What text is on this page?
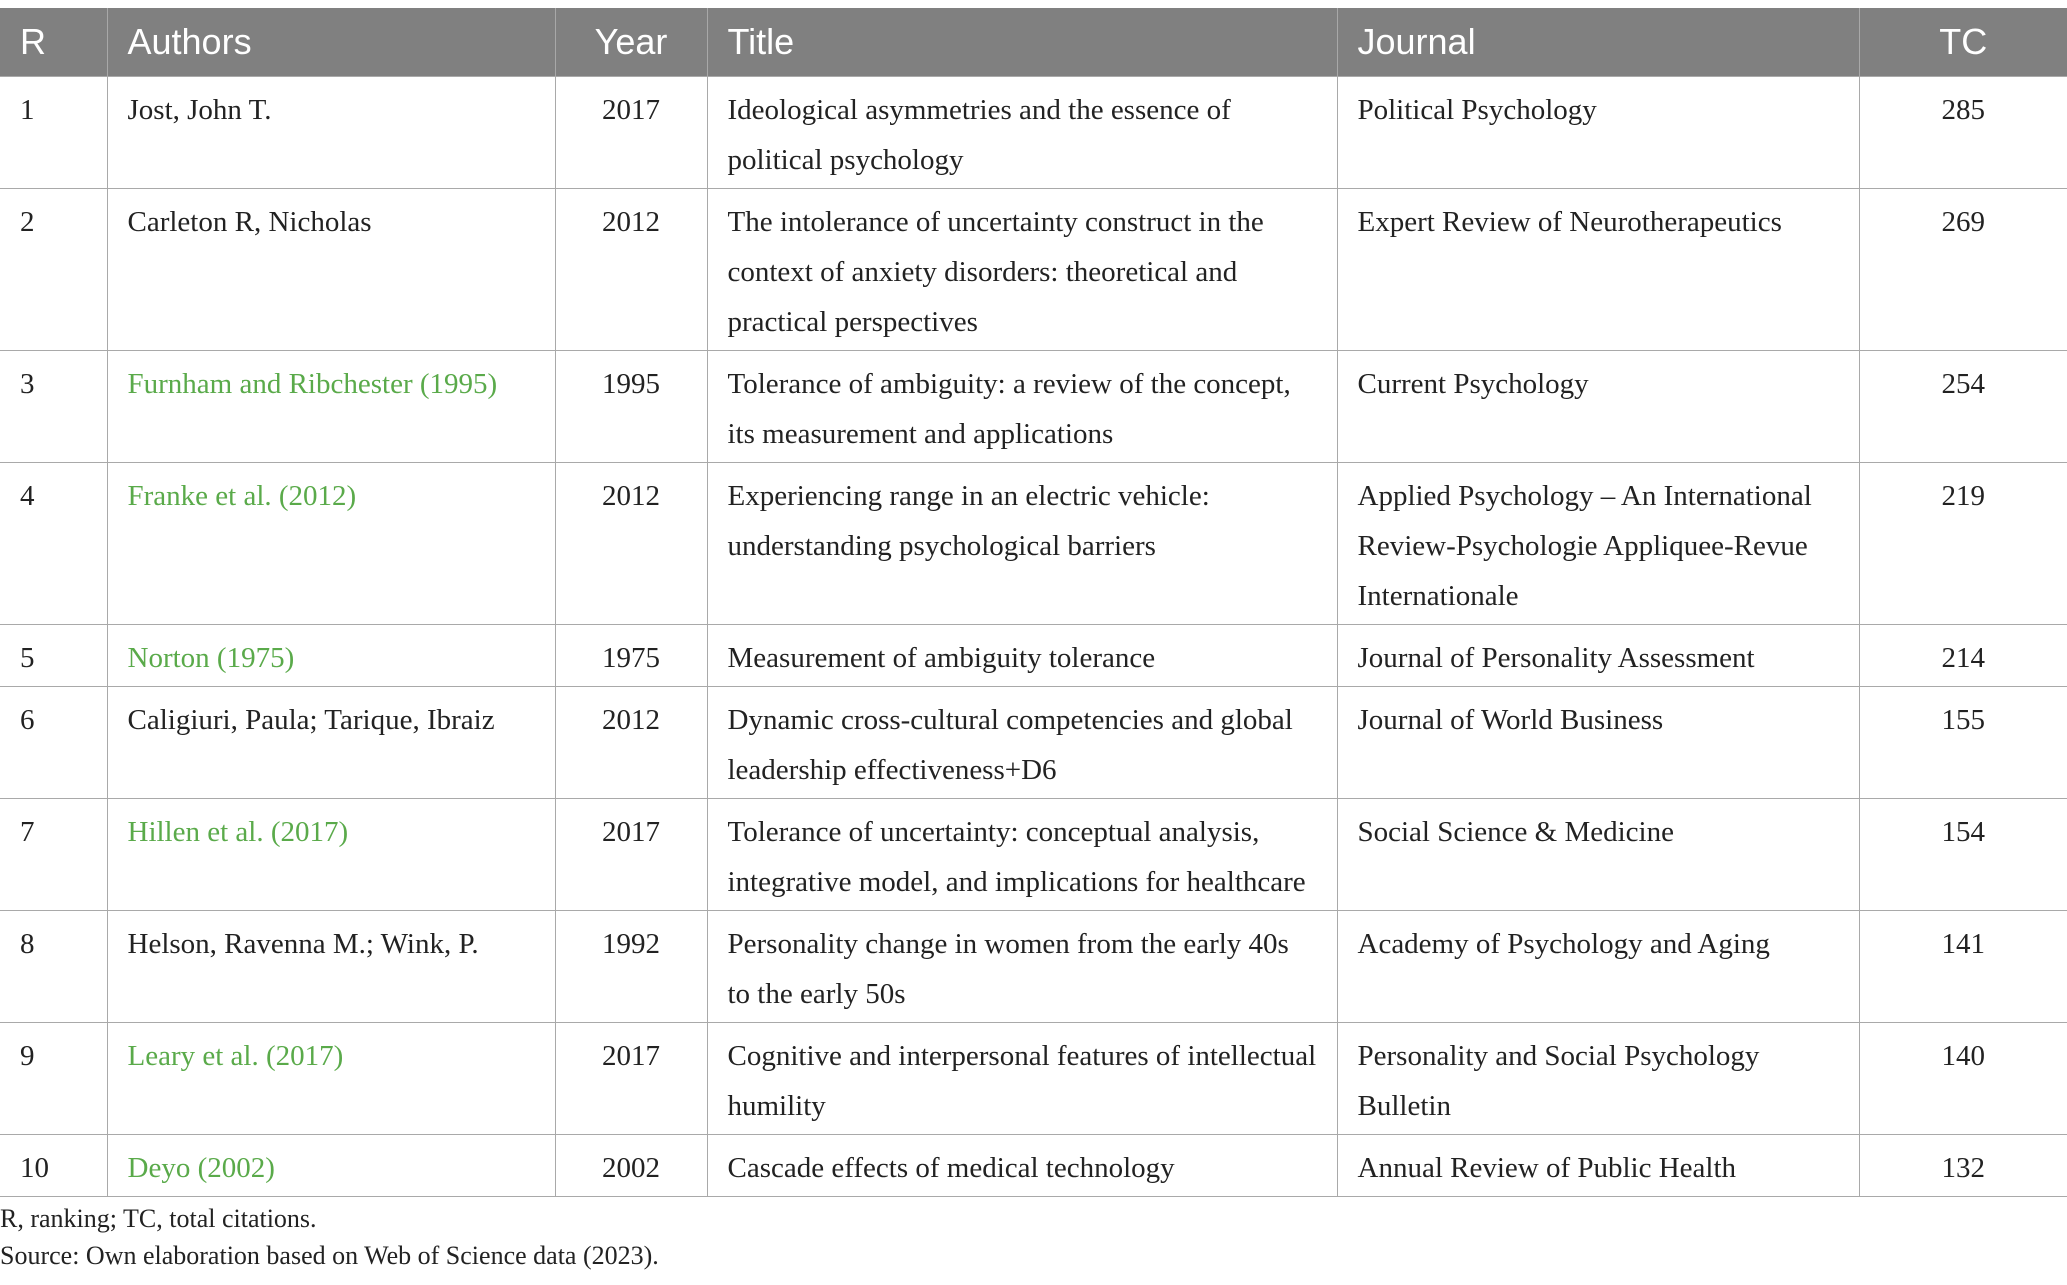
R	Authors	Year	Title	Journal	TC
1	Jost, John T.	2017	Ideological asymmetries and the essence of political psychology	Political Psychology	285
2	Carleton R, Nicholas	2012	The intolerance of uncertainty construct in the context of anxiety disorders: theoretical and practical perspectives	Expert Review of Neurotherapeutics	269
3	Furnham and Ribchester (1995)	1995	Tolerance of ambiguity: a review of the concept, its measurement and applications	Current Psychology	254
4	Franke et al. (2012)	2012	Experiencing range in an electric vehicle: understanding psychological barriers	Applied Psychology – An International Review-Psychologie Appliquee-Revue Internationale	219
5	Norton (1975)	1975	Measurement of ambiguity tolerance	Journal of Personality Assessment	214
6	Caligiuri, Paula; Tarique, Ibraiz	2012	Dynamic cross-cultural competencies and global leadership effectiveness+D6	Journal of World Business	155
7	Hillen et al. (2017)	2017	Tolerance of uncertainty: conceptual analysis, integrative model, and implications for healthcare	Social Science & Medicine	154
8	Helson, Ravenna M.; Wink, P.	1992	Personality change in women from the early 40s to the early 50s	Academy of Psychology and Aging	141
9	Leary et al. (2017)	2017	Cognitive and interpersonal features of intellectual humility	Personality and Social Psychology Bulletin	140
10	Deyo (2002)	2002	Cascade effects of medical technology	Annual Review of Public Health	132
R, ranking; TC, total citations.
Source: Own elaboration based on Web of Science data (2023).
